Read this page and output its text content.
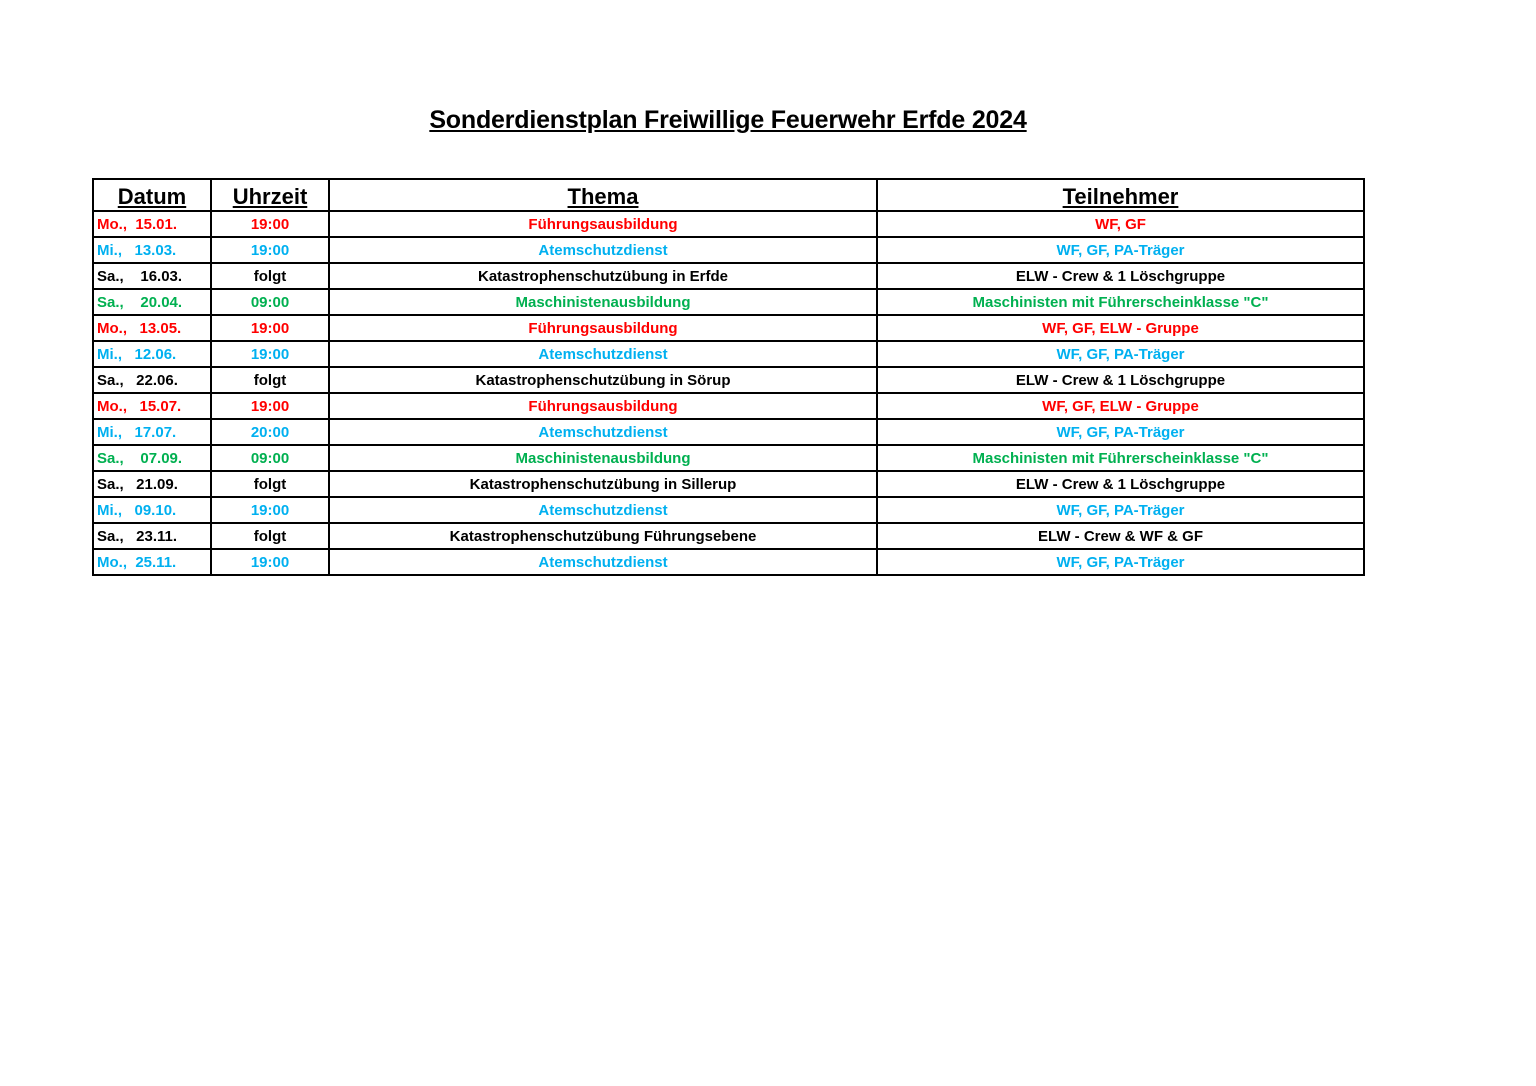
Sonderdienstplan Freiwillige Feuerwehr Erfde 2024
Datum	Uhrzeit	Thema	Teilnehmer
Mo.,  15.01.	19:00	Führungsausbildung	WF, GF
Mi.,   13.03.	19:00	Atemschutzdienst	WF, GF, PA-Träger
Sa.,    16.03.	folgt	Katastrophenschutzübung in Erfde	ELW - Crew & 1 Löschgruppe
Sa.,    20.04.	09:00	Maschinistenausbildung	Maschinisten mit Führerscheinklasse "C"
Mo.,   13.05.	19:00	Führungsausbildung	WF, GF, ELW - Gruppe
Mi.,   12.06.	19:00	Atemschutzdienst	WF, GF, PA-Träger
Sa.,   22.06.	folgt	Katastrophenschutzübung in Sörup	ELW - Crew & 1 Löschgruppe
Mo.,   15.07.	19:00	Führungsausbildung	WF, GF, ELW - Gruppe
Mi.,   17.07.	20:00	Atemschutzdienst	WF, GF, PA-Träger
Sa.,    07.09.	09:00	Maschinistenausbildung	Maschinisten mit Führerscheinklasse "C"
Sa.,   21.09.	folgt	Katastrophenschutzübung in Sillerup	ELW - Crew & 1 Löschgruppe
Mi.,   09.10.	19:00	Atemschutzdienst	WF, GF, PA-Träger
Sa.,   23.11.	folgt	Katastrophenschutzübung Führungsebene	ELW - Crew & WF & GF
Mo.,  25.11.	19:00	Atemschutzdienst	WF, GF, PA-Träger
